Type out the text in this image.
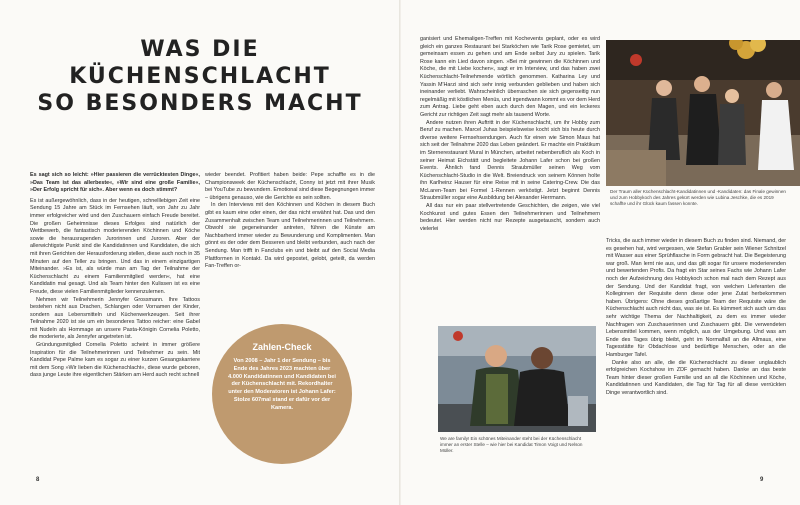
WAS DIE
KÜCHENSCHLACHT
SO BESONDERS MACHT

Es sagt sich so leicht: »Hier passieren die verrücktesten Dinge«, »Das Team ist das allerbeste«, »Wir sind eine große Familie«, »Der Erfolg spricht für sich«. Aber wenn es doch stimmt?

Es ist außergewöhnlich, dass in der heutigen, schnelllebigen Zeit eine Sendung 15 Jahre am Stück im Fernsehen läuft, von Jahr zu Jahr immer erfolgreicher wird und den Zuschauern einfach Freude bereitet. Die großen Geheimnisse dieses Erfolges sind natürlich der Wettbewerb, die fantastisch moderierenden Köchinnen und Köche sowie die herausragenden Jurorinnen und Juroren. Aber der allerwichtigste Punkt sind die Kandidatinnen und Kandidaten, die sich mit ihren Gerichten der Herausforderung stellen, diese auch noch in 35 Minuten auf den Teller zu bringen. Und das in einem einzigartigen Miteinander. »Es ist, als würde man am Tag der Teilnahme der Küchenschlacht zu einem Familienmitglied werden«, hat eine Kandidatin mal gesagt. Und als Team hinter den Kulissen ist es eine Freude, diese vielen Familienmitglieder kennenzulernen.

Nehmen wir Teilnehmerin Jennyfer Grossmann. Ihre Tattoos bestehen nicht aus Drachen, Schlangen oder Vornamen der Kinder, sondern aus Lebensmitteln und Küchenwerkzeugen. Seit ihrer Teilnahme 2020 ist sie um ein besonderes Tattoo reicher: eine Gabel mit Nudeln als Hommage an unsere Pasta-Königin Cornelia Poletto, die moderierte, als Jennyfer angetreten ist.

Gründungsmitglied Cornelia Poletto scheint in immer größere Inspiration für die Teilnehmerinnen und Teilnehmer zu sein. Mit Kandidat Pepe Palme kam es sogar zu einer kurzen Gesangskarriere mit dem Song »Wir lieben die Küchenschlacht«, diese wurde geboren, dass junge Leute ihre eigentlichen Stärken am Herd auch recht schnell

wieder beendet. Profitiert haben beide: Pepe schaffte es in die Championsweek der Küchenschlacht, Conny ist jetzt mit ihrer Musik bei YouTube zu bewundern. Emotional sind diese Begegnungen immer – übrigens genauso, wie die Gerichte es sein sollten.

In den Interviews mit den Köchinnen und Köchen in diesem Buch gibt es kaum eine oder einen, der das nicht erwähnt hat. Das und den Zusammenhalt zwischen Team und Teilnehmerinnen und Teilnehmern. Obwohl sie gegeneinander antreten, führen die Künste am Nachbarherd immer wieder zu Bewunderung und Komplimenten. Man gönnt es der oder dem Besseren und bleibt verbunden, auch nach der Sendung. Man trifft in Fanclubs ein und bleibt auf den Social Media Plattformen in Kontakt. Da wird gepostet, gelobt, geteilt, da werden Fan-Treffen or-

Zahlen-Check
Von 2008 – Jahr 1 der Sendung – bis Ende des Jahres 2023 machten über 4.000 Kandidatinnen und Kandidaten bei der Küchenschlacht mit. Rekordhalter unter den Moderatoren ist Johann Lafer: Stolze 607mal stand er dafür vor der Kamera.

ganisiert und Ehemaligen-Treffen mit Kochevents geplant, oder es wird gleich ein ganzes Restaurant bei Starköchen wie Tarik Rose gemietet, um gemeinsam essen zu gehen und am Ende selbst Jury zu spielen. Tarik Rose kann ein Lied davon singen. »Bei mir gewinnen die Köchinnen und Köche, die mit Liebe kochen«, sagt er im Interview, und das haben zwei Küchenschlacht-Teilnehmende wörtlich genommen. Katharina Ley und Yassin M'Harzi sind sich sehr innig verbunden geblieben und haben sich ineinander verliebt. Wahrscheinlich überraschen sie sich gegenseitig nun regelmäßig mit köstlichen Menüs, und irgendwann kommt es vor dem Herd zum Antrag. Liebe geht eben auch durch den Magen, und ein leckeres Gericht zur richtigen Zeit sagt mehr als tausend Worte.

Andere nutzen ihren Auftritt in der Küchenschlacht, um ihr Hobby zum Beruf zu machen. Marcel Juhas beispielsweise kocht sich bis heute durch diverse weitere Fernsehsendungen. Auch für einen wie Simon Maus hat sich seit der Teilnahme 2020 das Leben geändert. Er machte ein Praktikum im Sternerestaurant Mural in München, arbeitet nebenberuflich als Koch in seiner Heimat Eichstätt und begleitete Johann Lafer schon bei großen Events. Ähnlich fand Dennis Straubmüller seinen Weg vom Küchenschlacht-Studio in die Welt. Breiendruck von seinem Können holte ihn Karlheinz Hauser für eine Reise mit in seine Catering-Crew. Die das McLaren-Team bei Formel 1-Rennen verköstigt. Jetzt beginnt Dennis Straubmüller sogar eine Ausbildung bei Alexander Herrmann.

All das nur ein paar stellvertretende Geschichten, die zeigen, wie viel Kochkunst und gutes Essen den Teilnehmerinnen und Teilnehmern bedeutet. Hier werden nicht nur Rezepte ausgetauscht, sondern auch vielerlei

Der Traum aller Küchenschlacht-Kandidatinnen und -Kandidaten: das Finale gewinnen und zum Hobbykoch des Jahres gekürt werden wie Lubina Jeschke, die es 2019 schaffte und ihr Glück kaum fassen konnte.
We are family! Ein schönes Miteinander steht bei der Küchenschlacht immer an erster Stelle – wie hier bei Kandidat Timon Voigt und Nelson Müller.

Tricks, die auch immer wieder in diesem Buch zu finden sind. Niemand, der es gesehen hat, wird vergessen, wie Stefan Grabler sein Wiener Schnitzel mit Wasser aus einer Sprühflasche in Form gebracht hat. Die Begeisterung war groß. Man lernt nie aus, und das gilt sogar für unsere moderierenden und bewertenden Profis. Da fragt ein Star seines Fachs wie Johann Lafer noch der Aufzeichnung des Hobbykoch schon mal nach dem Rezept aus der Sendung. Und der Kandidat fragt, von welchen Lieferanten die Kolleginnen der Requisite denn diese oder jene Zutat herbekommen haben. Übrigens: Ohne dieses großartige Team der Requisite wäre die Küchenschlacht auch nicht das, was sie ist. Es kümmert sich auch um das sehr wichtige Thema der Nachhaltigkeit, zu dem es immer wieder Nachfragen von Zuschauerinnen und Zuschauern gibt. Die verwendeten Lebensmittel kommen, wenn möglich, aus der Umgebung. Und was am Ende des Tages übrig bleibt, geht im Normalfall an die Allmaus, eine Tagesstätte für Obdachlose und bedürftige Menschen, oder an die Hamburger Tafel.

Danke also an alle, die die Küchenschlacht zu dieser unglaublich erfolgreichen Kochshow im ZDF gemacht haben. Danke an das beste Team hinter dieser großen Familie und an all die Köchinnen und Köche, Kandidatinnen und Kandidaten, die Tag für Tag für all diese verrückten Dinge verantwortlich sind.

8	9
